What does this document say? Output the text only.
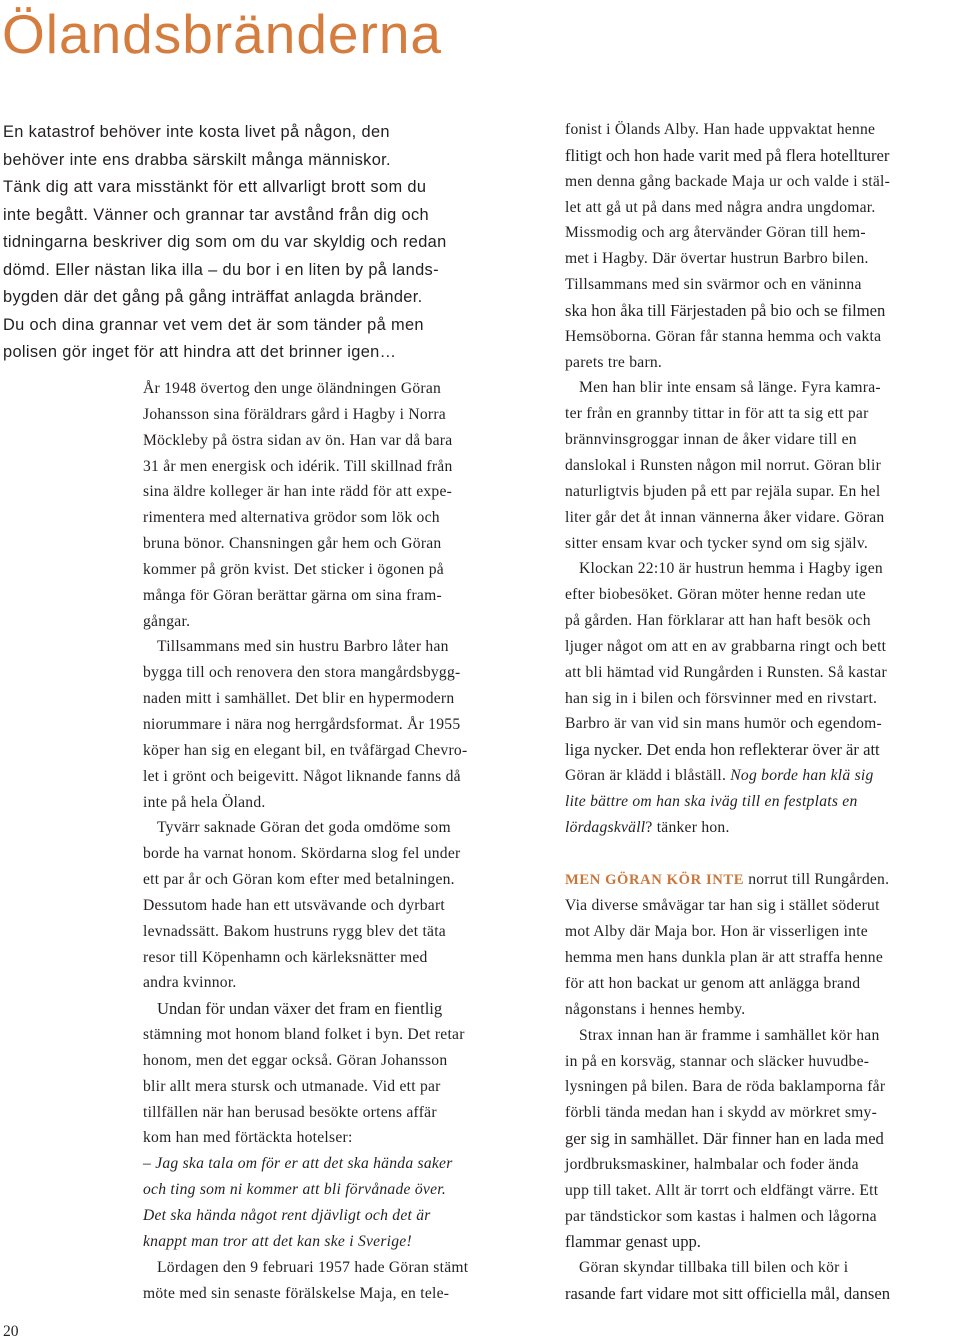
Ölandsbränderna
En katastrof behöver inte kosta livet på någon, den
behöver inte ens drabba särskilt många människor.
Tänk dig att vara misstänkt för ett allvarligt brott som du
inte begått. Vänner och grannar tar avstånd från dig och
tidningarna beskriver dig som om du var skyldig och redan
dömd. Eller nästan lika illa – du bor i en liten by på lands-
bygden där det gång på gång inträffat anlagda bränder.
Du och dina grannar vet vem det är som tänder på men
polisen gör inget för att hindra att det brinner igen…
År 1948 övertog den unge öländningen Göran
Johansson sina föräldrars gård i Hagby i Norra
Möckleby på östra sidan av ön. Han var då bara
31 år men energisk och idérik. Till skillnad från
sina äldre kolleger är han inte rädd för att expe-
rimentera med alternativa grödor som lök och
bruna bönor. Chansningen går hem och Göran
kommer på grön kvist. Det sticker i ögonen på
många för Göran berättar gärna om sina fram-
gångar.
Tillsammans med sin hustru Barbro låter han
bygga till och renovera den stora mangårdsbygg-
naden mitt i samhället. Det blir en hypermodern
niorummare i nära nog herrgårdsformat. År 1955
köper han sig en elegant bil, en tvåfärgad Chevro-
let i grönt och beigevitt. Något liknande fanns då
inte på hela Öland.
Tyvärr saknade Göran det goda omdöme som
borde ha varnat honom. Skördarna slog fel under
ett par år och Göran kom efter med betalningen.
Dessutom hade han ett utsvävande och dyrbart
levnadssätt. Bakom hustruns rygg blev det täta
resor till Köpenhamn och kärleksnätter med
andra kvinnor.
Undan för undan växer det fram en fientlig
stämning mot honom bland folket i byn. Det retar
honom, men det eggar också. Göran Johansson
blir allt mera stursk och utmanade. Vid ett par
tillfällen när han berusad besökte ortens affär
kom han med förtäckta hotelser:
– Jag ska tala om för er att det ska hända saker
och ting som ni kommer att bli förvånade över.
Det ska hända något rent djävligt och det är
knappt man tror att det kan ske i Sverige!
Lördagen den 9 februari 1957 hade Göran stämt
möte med sin senaste förälskelse Maja, en tele-
fonist i Ölands Alby. Han hade uppvaktat henne
flitigt och hon hade varit med på flera hotellturer
men denna gång backade Maja ur och valde i stäl-
let att gå ut på dans med några andra ungdomar.
Missmodig och arg återvänder Göran till hem-
met i Hagby. Där övertar hustrun Barbro bilen.
Tillsammans med sin svärmor och en väninna
ska hon åka till Färjestaden på bio och se filmen
Hemsöborna. Göran får stanna hemma och vakta
parets tre barn.
Men han blir inte ensam så länge. Fyra kamra-
ter från en grannby tittar in för att ta sig ett par
brännvinsgroggar innan de åker vidare till en
danslokal i Runsten någon mil norrut. Göran blir
naturligtvis bjuden på ett par rejäla supar. En hel
liter går det åt innan vännerna åker vidare. Göran
sitter ensam kvar och tycker synd om sig själv.
Klockan 22:10 är hustrun hemma i Hagby igen
efter biobesöket. Göran möter henne redan ute
på gården. Han förklarar att han haft besök och
ljuger något om att en av grabbarna ringt och bett
att bli hämtad vid Rungården i Runsten. Så kastar
han sig in i bilen och försvinner med en rivstart.
Barbro är van vid sin mans humör och egendom-
liga nycker. Det enda hon reflekterar över är att
Göran är klädd i blåställ. Nog borde han klä sig
lite bättre om han ska iväg till en festplats en
lördagskväll? tänker hon.
MEN GÖRAN KÖR INTE norrut till Rungården.
Via diverse småvägar tar han sig i stället söderut
mot Alby där Maja bor. Hon är visserligen inte
hemma men hans dunkla plan är att straffa henne
för att hon backat ur genom att anlägga brand
någonstans i hennes hemby.
Strax innan han är framme i samhället kör han
in på en korsväg, stannar och släcker huvudbe-
lysningen på bilen. Bara de röda baklamporna får
förbli tända medan han i skydd av mörkret smy-
ger sig in samhället. Där finner han en lada med
jordbruksmaskiner, halmbalar och foder ända
upp till taket. Allt är torrt och eldfängt värre. Ett
par tändstickor som kastas i halmen och lågorna
flammar genast upp.
Göran skyndar tillbaka till bilen och kör i
rasande fart vidare mot sitt officiella mål, dansen
20
